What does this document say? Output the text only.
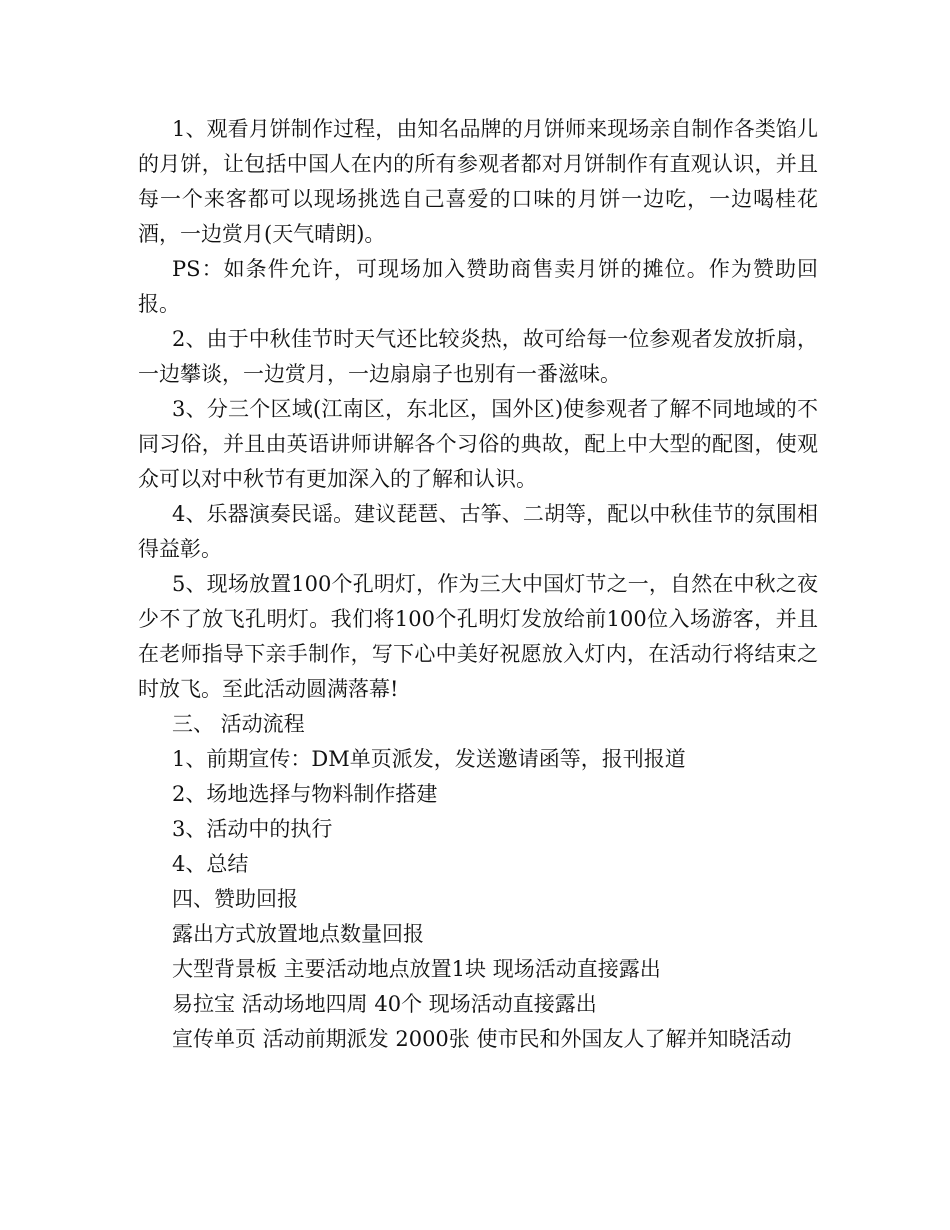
1、观看月饼制作过程，由知名品牌的月饼师来现场亲自制作各类馅儿的月饼，让包括中国人在内的所有参观者都对月饼制作有直观认识，并且每一个来客都可以现场挑选自己喜爱的口味的月饼一边吃，一边喝桂花酒，一边赏月(天气晴朗)。

PS：如条件允许，可现场加入赞助商售卖月饼的摊位。作为赞助回报。

2、由于中秋佳节时天气还比较炎热，故可给每一位参观者发放折扇，一边攀谈，一边赏月，一边扇扇子也别有一番滋味。

3、分三个区域(江南区，东北区，国外区)使参观者了解不同地域的不同习俗，并且由英语讲师讲解各个习俗的典故，配上中大型的配图，使观众可以对中秋节有更加深入的了解和认识。

4、乐器演奏民谣。建议琵琶、古筝、二胡等，配以中秋佳节的氛围相得益彰。

5、现场放置100个孔明灯，作为三大中国灯节之一，自然在中秋之夜少不了放飞孔明灯。我们将100个孔明灯发放给前100位入场游客，并且在老师指导下亲手制作，写下心中美好祝愿放入灯内，在活动行将结束之时放飞。至此活动圆满落幕!

三、 活动流程

1、前期宣传：DM单页派发，发送邀请函等，报刊报道

2、场地选择与物料制作搭建

3、活动中的执行

4、总结

四、赞助回报

露出方式放置地点数量回报

大型背景板 主要活动地点放置1块 现场活动直接露出

易拉宝 活动场地四周 40个 现场活动直接露出

宣传单页 活动前期派发 2000张 使市民和外国友人了解并知晓活动
